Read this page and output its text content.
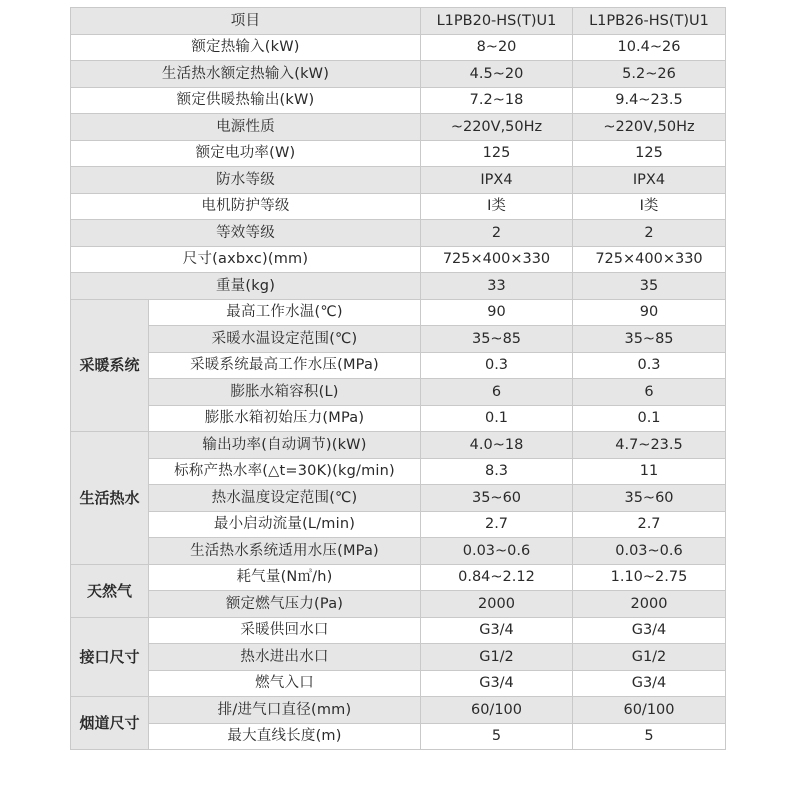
项目		L1PB20-HS(T)U1	L1PB26-HS(T)U1
额定热输入(kW)		8~20	10.4~26
生活热水额定热输入(kW)		4.5~20	5.2~26
额定供暖热输出(kW)		7.2~18	9.4~23.5
电源性质		~220V,50Hz	~220V,50Hz
额定电功率(W)		125	125
防水等级		IPX4	IPX4
电机防护等级		I类	I类
等效等级		2	2
尺寸(axbxc)(mm)		725×400×330	725×400×330
重量(kg)		33	35
采暖系统	最高工作水温(℃)	90	90
	采暖水温设定范围(℃)	35~85	35~85
	采暖系统最高工作水压(MPa)	0.3	0.3
	膨胀水箱容积(L)	6	6
	膨胀水箱初始压力(MPa)	0.1	0.1
生活热水	输出功率(自动调节)(kW)	4.0~18	4.7~23.5
	标称产热水率(△t=30K)(kg/min)	8.3	11
	热水温度设定范围(℃)	35~60	35~60
	最小启动流量(L/min)	2.7	2.7
	生活热水系统适用水压(MPa)	0.03~0.6	0.03~0.6
天然气	耗气量(N㎥/h)	0.84~2.12	1.10~2.75
	额定燃气压力(Pa)	2000	2000
接口尺寸	采暖供回水口	G3/4	G3/4
	热水进出水口	G1/2	G1/2
	燃气入口	G3/4	G3/4
烟道尺寸	排/进气口直径(mm)	60/100	60/100
	最大直线长度(m)	5	5
